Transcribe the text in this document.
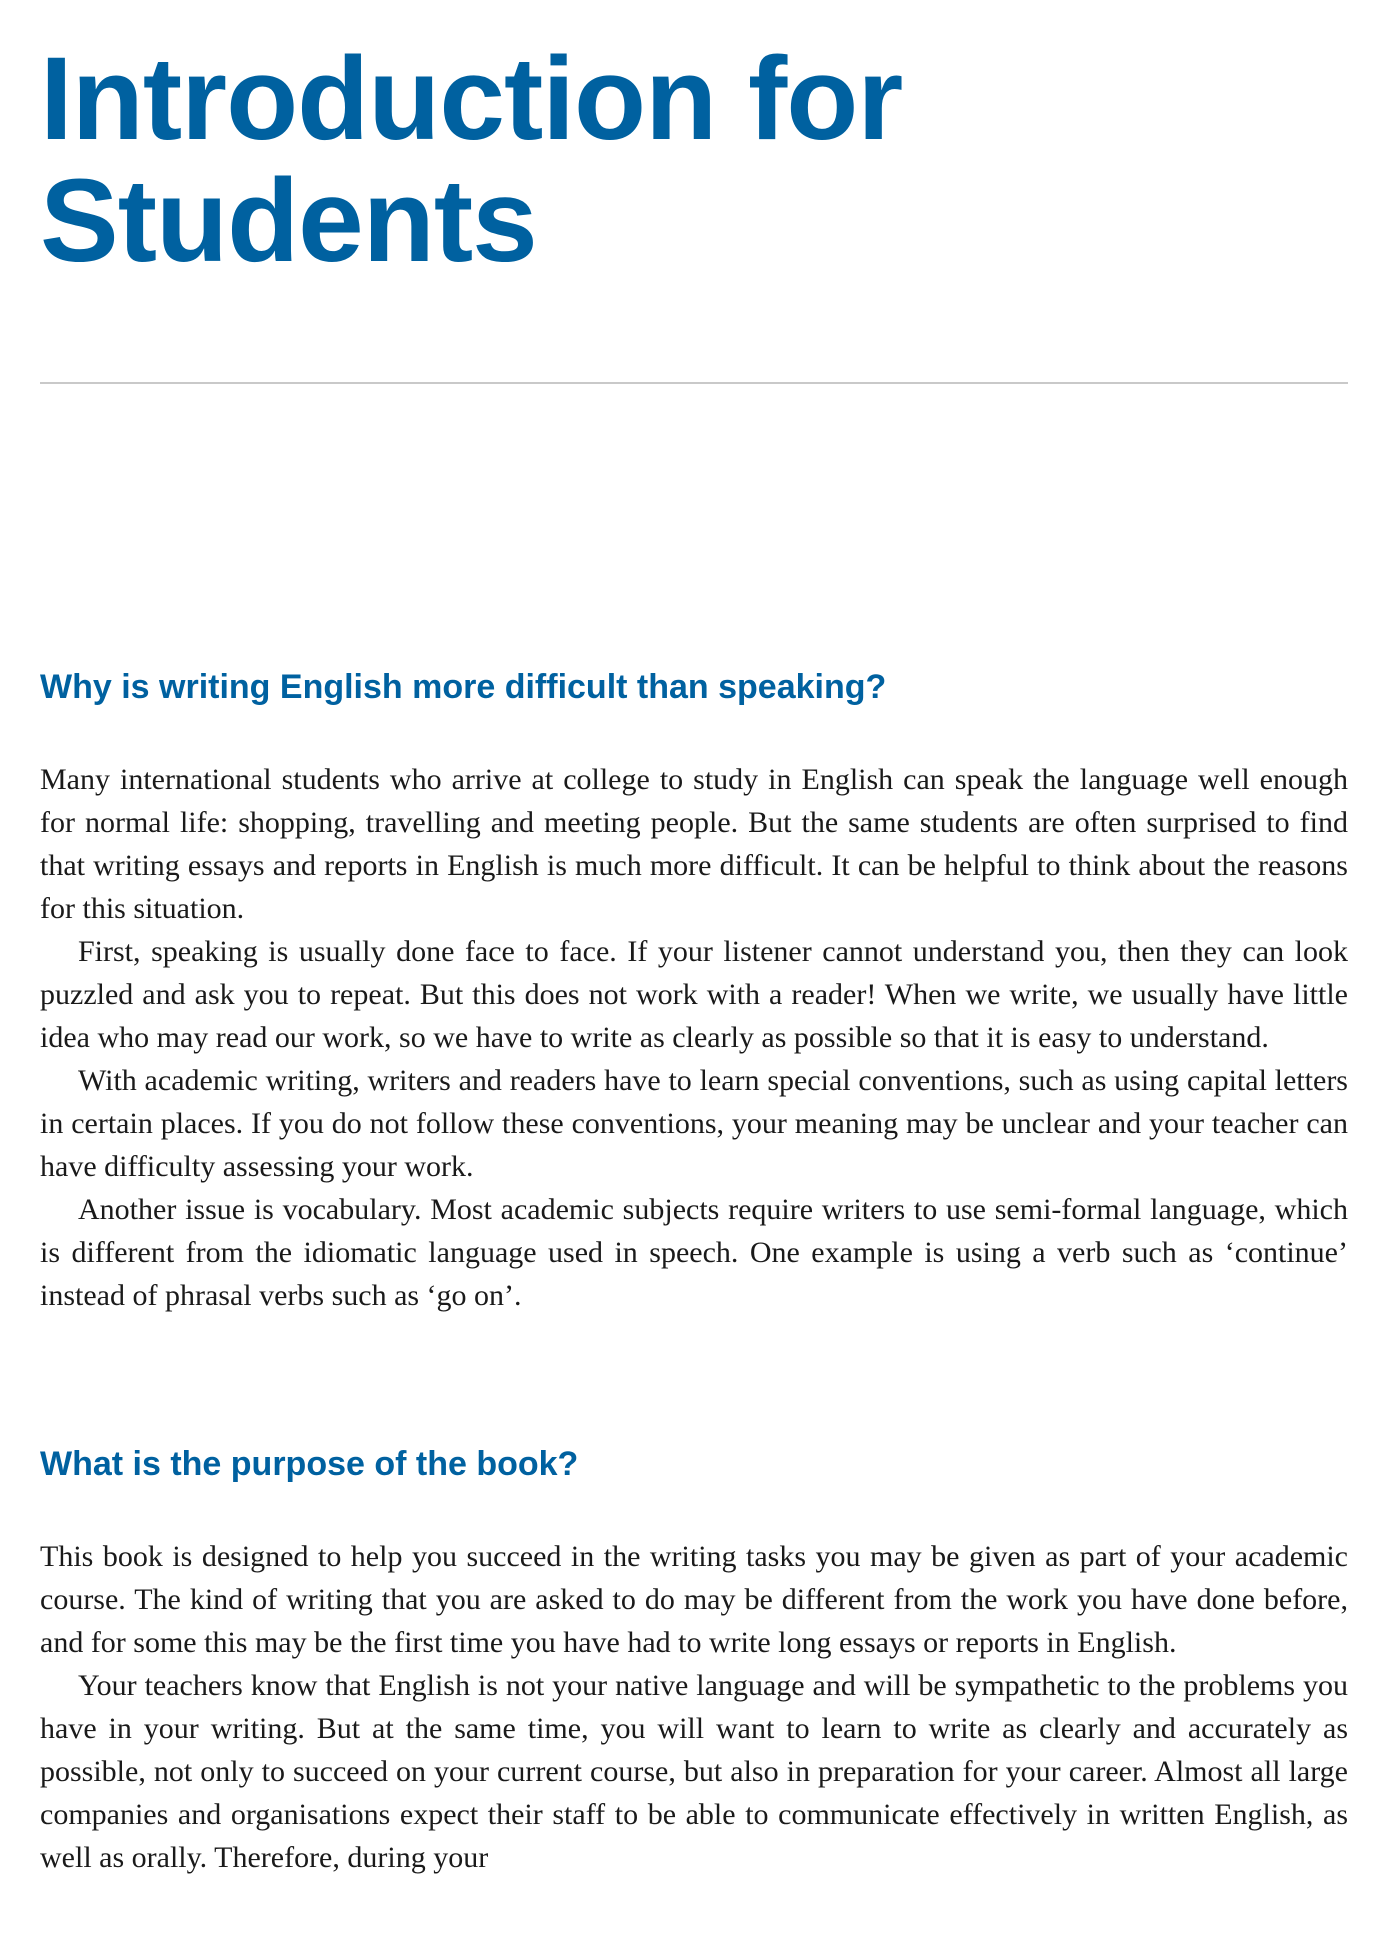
Introduction for
Students
Why is writing English more difficult than speaking?

Many international students who arrive at college to study in English can speak the language well enough for normal life: shopping, travelling and meeting people. But the same students are often surprised to find that writing essays and reports in English is much more difficult. It can be helpful to think about the reasons for this situation.

First, speaking is usually done face to face. If your listener cannot understand you, then they can look puzzled and ask you to repeat. But this does not work with a reader! When we write, we usually have little idea who may read our work, so we have to write as clearly as possible so that it is easy to understand.

With academic writing, writers and readers have to learn special conventions, such as using capital letters in certain places. If you do not follow these conventions, your meaning may be unclear and your teacher can have difficulty assessing your work.

Another issue is vocabulary. Most academic subjects require writers to use semi-formal language, which is different from the idiomatic language used in speech. One example is using a verb such as ‘continue’ instead of phrasal verbs such as ‘go on’.

What is the purpose of the book?

This book is designed to help you succeed in the writing tasks you may be given as part of your academic course. The kind of writing that you are asked to do may be different from the work you have done before, and for some this may be the first time you have had to write long essays or reports in English.

Your teachers know that English is not your native language and will be sympathetic to the problems you have in your writing. But at the same time, you will want to learn to write as clearly and accurately as possible, not only to succeed on your current course, but also in preparation for your career. Almost all large companies and organisations expect their staff to be able to communicate effectively in written English, as well as orally. Therefore, during your
